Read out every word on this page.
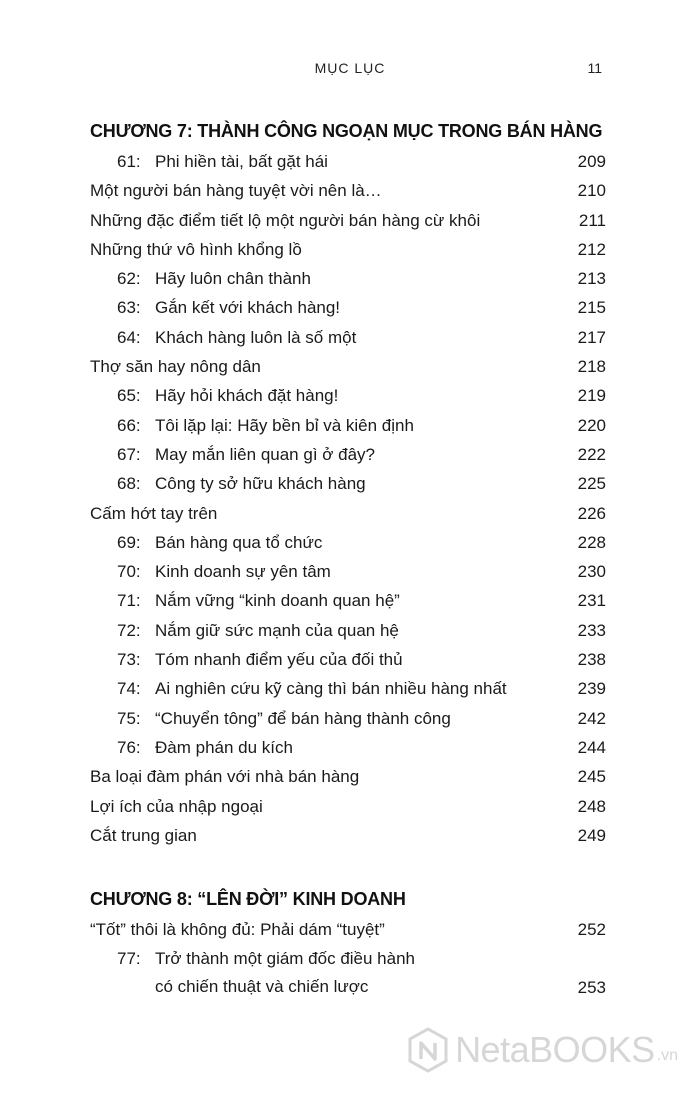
MỤC LỤC	11
CHƯƠNG 7: THÀNH CÔNG NGOẠN MỤC TRONG BÁN HÀNG
61: Phi hiền tài, bất gặt hái	209
Một người bán hàng tuyệt vời nên là…	210
Những đặc điểm tiết lộ một người bán hàng cừ khôi	211
Những thứ vô hình khổng lồ	212
62: Hãy luôn chân thành	213
63: Gắn kết với khách hàng!	215
64: Khách hàng luôn là số một	217
Thợ săn hay nông dân	218
65: Hãy hỏi khách đặt hàng!	219
66: Tôi lặp lại: Hãy bền bỉ và kiên định	220
67: May mắn liên quan gì ở đây?	222
68: Công ty sở hữu khách hàng	225
Cấm hớt tay trên	226
69: Bán hàng qua tổ chức	228
70: Kinh doanh sự yên tâm	230
71: Nắm vững “kinh doanh quan hệ”	231
72: Nắm giữ sức mạnh của quan hệ	233
73: Tóm nhanh điểm yếu của đối thủ	238
74: Ai nghiên cứu kỹ càng thì bán nhiều hàng nhất	239
75: “Chuyển tông” để bán hàng thành công	242
76: Đàm phán du kích	244
Ba loại đàm phán với nhà bán hàng	245
Lợi ích của nhập ngoại	248
Cắt trung gian	249
CHƯƠNG 8: “LÊN ĐỜI” KINH DOANH
“Tốt” thôi là không đủ: Phải dám “tuyệt”	252
77: Trở thành một giám đốc điều hành
có chiến thuật và chiến lược	253
NetaBOOKS .vn
